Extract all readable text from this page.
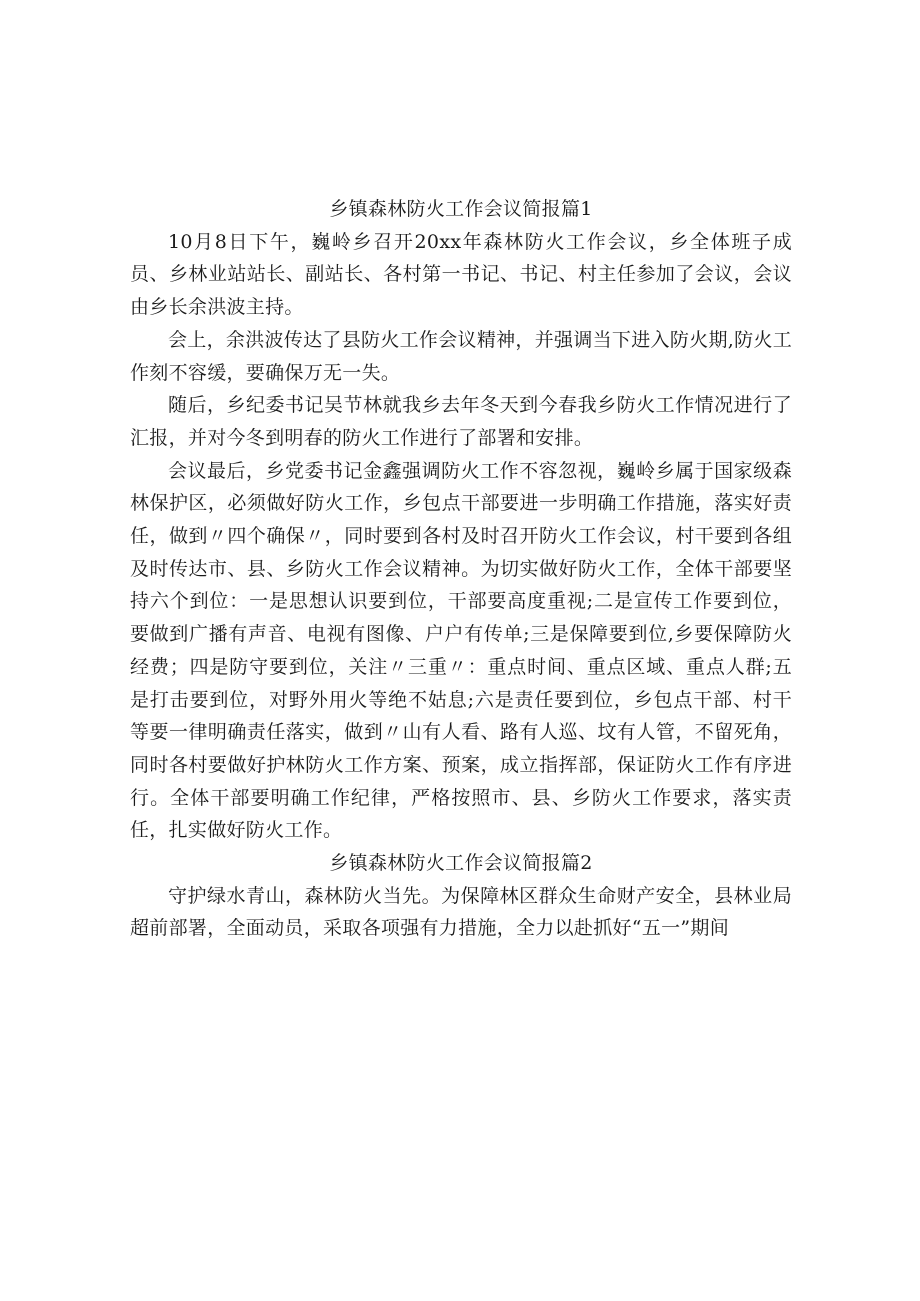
乡镇森林防火工作会议简报篇1

10月8日下午，巍岭乡召开20xx年森林防火工作会议，乡全体班子成员、乡林业站站长、副站长、各村第一书记、书记、村主任参加了会议，会议由乡长余洪波主持。

会上，余洪波传达了县防火工作会议精神，并强调当下进入防火期,防火工作刻不容缓，要确保万无一失。

随后，乡纪委书记吴节林就我乡去年冬天到今春我乡防火工作情况进行了汇报，并对今冬到明春的防火工作进行了部署和安排。

会议最后，乡党委书记金鑫强调防火工作不容忽视，巍岭乡属于国家级森林保护区，必须做好防火工作，乡包点干部要进一步明确工作措施，落实好责任，做到〃四个确保〃，同时要到各村及时召开防火工作会议，村干要到各组及时传达市、县、乡防火工作会议精神。为切实做好防火工作，全体干部要坚持六个到位：一是思想认识要到位，干部要高度重视;二是宣传工作要到位，要做到广播有声音、电视有图像、户户有传单;三是保障要到位,乡要保障防火经费；四是防守要到位，关注〃三重〃：重点时间、重点区域、重点人群;五是打击要到位，对野外用火等绝不姑息;六是责任要到位，乡包点干部、村干等要一律明确责任落实，做到〃山有人看、路有人巡、坟有人管，不留死角，同时各村要做好护林防火工作方案、预案，成立指挥部，保证防火工作有序进行。全体干部要明确工作纪律，严格按照市、县、乡防火工作要求，落实责任，扎实做好防火工作。

乡镇森林防火工作会议简报篇2

守护绿水青山，森林防火当先。为保障林区群众生命财产安全，县林业局超前部署，全面动员，采取各项强有力措施，全力以赴抓好“五一”期间
